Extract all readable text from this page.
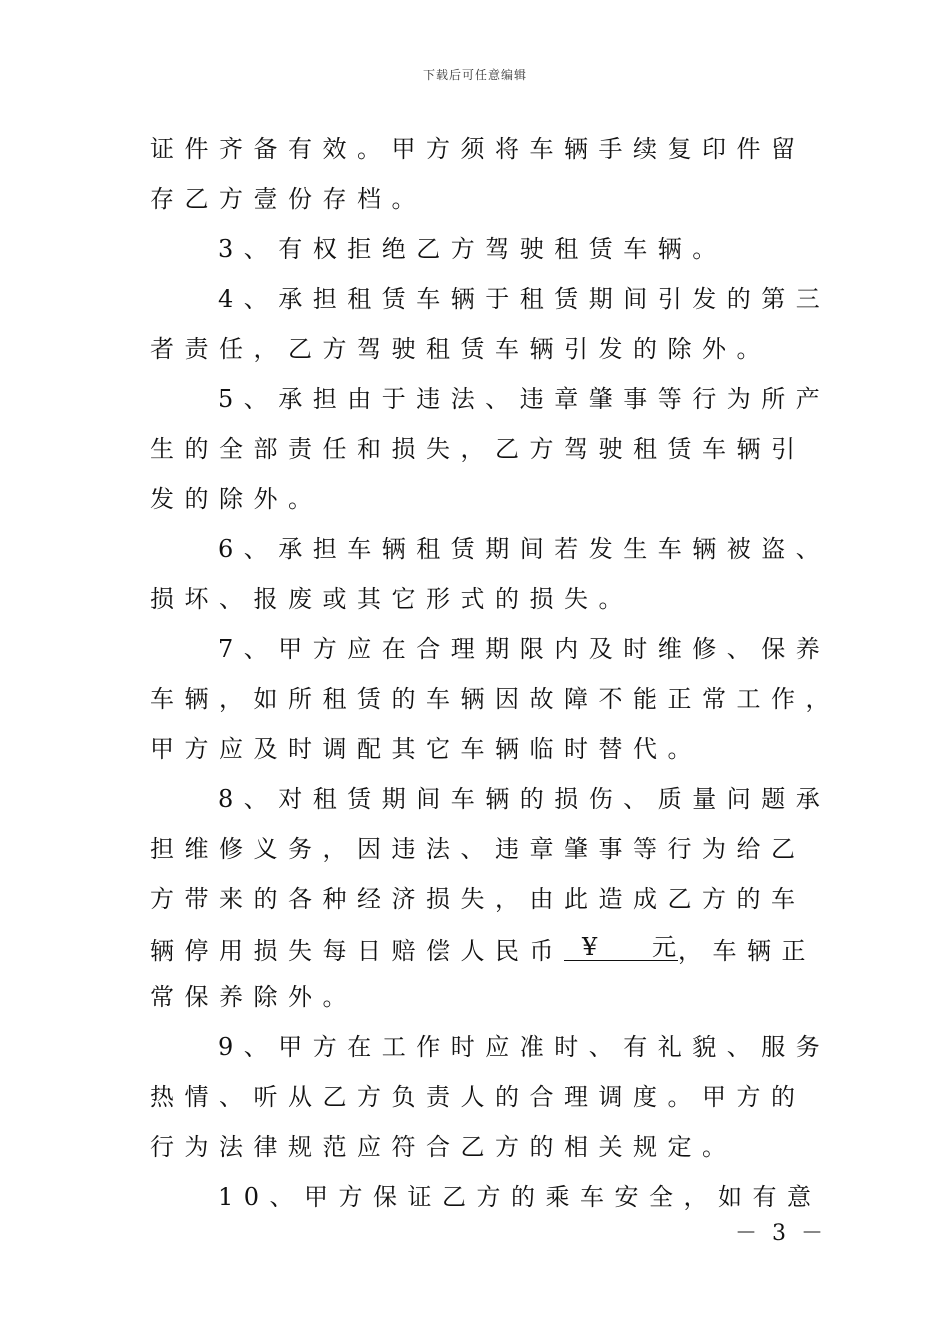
下载后可任意编辑
证件齐备有效。甲方须将车辆手续复印件留
存乙方壹份存档。
3、有权拒绝乙方驾驶租赁车辆。
4、承担租赁车辆于租赁期间引发的第三
者责任，乙方驾驶租赁车辆引发的除外。
5、承担由于违法、违章肇事等行为所产
生的全部责任和损失，乙方驾驶租赁车辆引
发的除外。
6、承担车辆租赁期间若发生车辆被盗、
损坏、报废或其它形式的损失。
7、甲方应在合理期限内及时维修、保养
车辆，如所租赁的车辆因故障不能正常工作，
甲方应及时调配其它车辆临时替代。
8、对租赁期间车辆的损伤、质量问题承
担维修义务，因违法、违章肇事等行为给乙
方带来的各种经济损失，由此造成乙方的车
辆停用损失每日赔偿人民币 ¥ 元 ，车辆正
常保养除外。
9、甲方在工作时应准时、有礼貌、服务
热情、听从乙方负责人的合理调度。甲方的
行为法律规范应符合乙方的相关规定。
10、甲方保证乙方的乘车安全，如有意
－ 3 －
